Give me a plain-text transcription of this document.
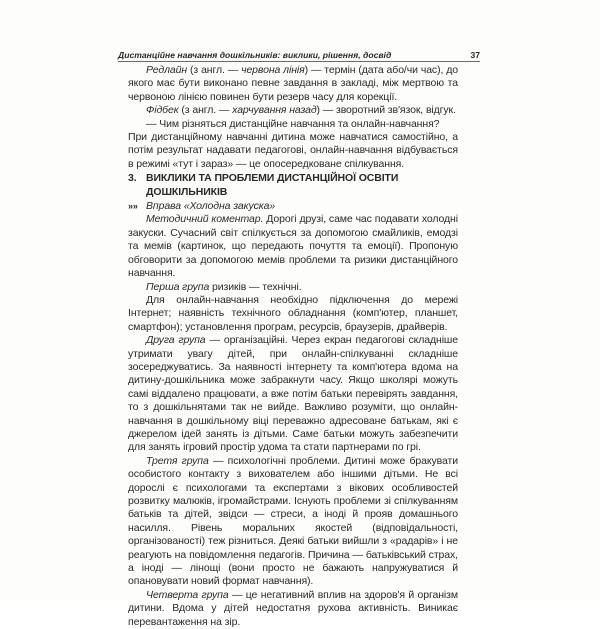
Дистанційне навчання дошкільників: виклики, рішення, досвід	37

Редлайн (з англ. — червона лінія) — термін (дата або/чи час), до якого має бути виконано певне завдання в закладі, між мертвою та червоною лінією повинен бути резерв часу для корекції.

Фідбек (з англ. — харчування назад) — зворотний зв'язок, відгук.

— Чим різняться дистанційне навчання та онлайн-навчання?

При дистанційному навчанні дитина може навчатися самостійно, а потім результат надавати педагогові, онлайн-навчання відбувається в режимі «тут і зараз» — це опосередковане спілкування.

3. ВИКЛИКИ ТА ПРОБЛЕМИ ДИСТАНЦІЙНОЇ ОСВІТИ ДОШКІЛЬНИКІВ
»» Вправа «Холодна закуска»

Методичний коментар. Дорогі друзі, саме час подавати холодні закуски. Сучасний світ спілкується за допомогою смайликів, емодзі та мемів (картинок, що передають почуття та емоції). Пропоную обговорити за допомогою мемів проблеми та ризики дистанційного навчання.

Перша група ризиків — технічні.

Для онлайн-навчання необхідно підключення до мережі Інтернет; наявність технічного обладнання (комп'ютер, планшет, смартфон); установлення програм, ресурсів, браузерів, драйверів.

Друга група — організаційні. Через екран педагогові складніше утримати увагу дітей, при онлайн-спілкуванні складніше зосереджуватись. За наявності інтернету та комп'ютера вдома на дитину-дошкільника може забракнути часу. Якщо школярі можуть самі віддалено працювати, а вже потім батьки перевірять завдання, то з дошкільнятами так не вийде. Важливо розуміти, що онлайн-навчання в дошкільному віці переважно адресоване батькам, які є джерелом ідей занять із дітьми. Саме батьки можуть забезпечити для занять ігровий простір удома та стати партнерами по грі.

Третя група — психологічні проблеми. Дитині може бракувати особистого контакту з вихователем або іншими дітьми. Не всі дорослі є психологами та експертами з вікових особливостей розвитку малюків, ігромайстрами. Існують проблеми зі спілкуванням батьків та дітей, звідси — стреси, а іноді й прояв домашнього насилля. Рівень моральних якостей (відповідальності, організованості) теж різниться. Деякі батьки вийшли з «радарів» і не реагують на повідомлення педагогів. Причина — батьківський страх, а іноді — лінощі (вони просто не бажають напружуватися й опановувати новий формат навчання).

Четверта група — це негативний вплив на здоров'я й організм дитини. Вдома у дітей недостатня рухова активність. Виникає перевантаження на зір.
